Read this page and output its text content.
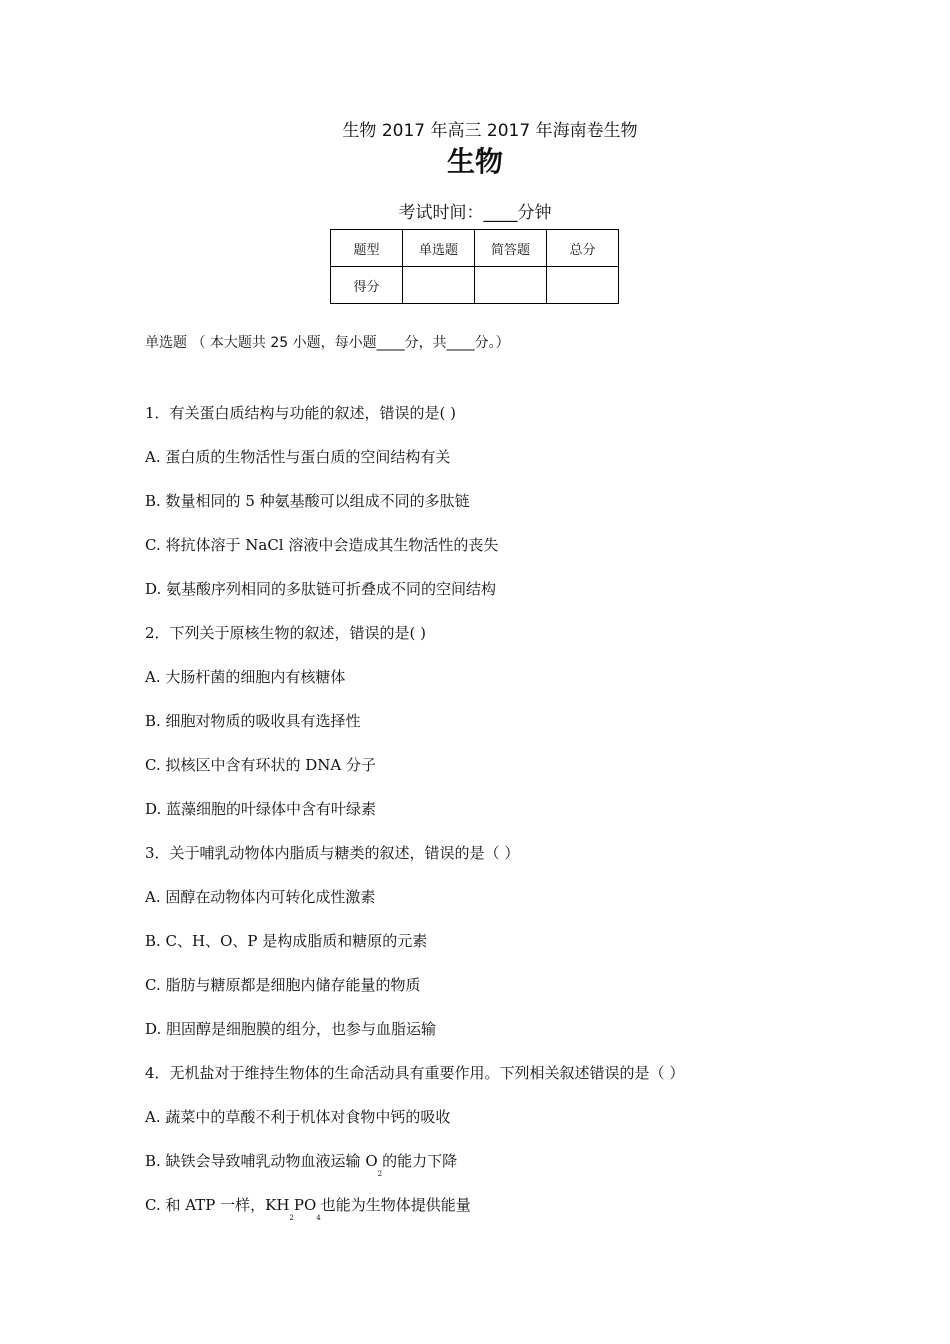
生物 2017 年高三 2017 年海南卷生物
生物
考试时间：____分钟
题型	单选题	简答题	总分
得分			
单选题 （ 本大题共 25 小题，每小题____分，共____分。）
1．有关蛋白质结构与功能的叙述，错误的是( )
A. 蛋白质的生物活性与蛋白质的空间结构有关
B. 数量相同的 5 种氨基酸可以组成不同的多肽链
C. 将抗体溶于 NaCl 溶液中会造成其生物活性的丧失
D. 氨基酸序列相同的多肽链可折叠成不同的空间结构
2．下列关于原核生物的叙述，错误的是( )
A. 大肠杆菌的细胞内有核糖体
B. 细胞对物质的吸收具有选择性
C. 拟核区中含有环状的 DNA 分子
D. 蓝藻细胞的叶绿体中含有叶绿素
3．关于哺乳动物体内脂质与糖类的叙述，错误的是（ ）
A. 固醇在动物体内可转化成性激素
B. C、H、O、P 是构成脂质和糖原的元素
C. 脂肪与糖原都是细胞内储存能量的物质
D. 胆固醇是细胞膜的组分，也参与血脂运输
4．无机盐对于维持生物体的生命活动具有重要作用。下列相关叙述错误的是（ ）
A. 蔬菜中的草酸不利于机体对食物中钙的吸收
B. 缺铁会导致哺乳动物血液运输 $O_2$的能力下降
C. 和 ATP 一样，$KH_2PO_4$也能为生物体提供能量
